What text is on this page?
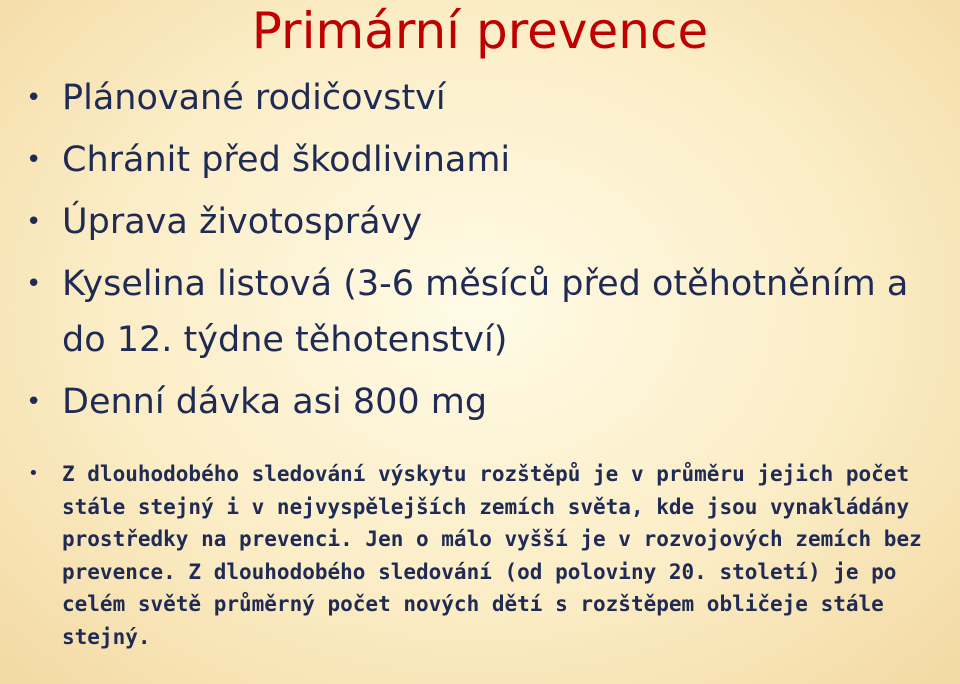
Primární prevence
• Plánované rodičovství
• Chránit před škodlivinami
• Úprava životosprávy
• Kyselina listová (3-6 měsíců před otěhotněním a do 12. týdne těhotenství)
• Denní dávka asi 800 mg
• Z dlouhodobého sledování výskytu rozštěpů je v průměru jejich počet stále stejný i v nejvyspělejších zemích světa, kde jsou vynakládány prostředky na prevenci. Jen o málo vyšší je v rozvojových zemích bez prevence. Z dlouhodobého sledování (od poloviny 20. století) je po celém světě průměrný počet nových dětí s rozštěpem obličeje stále stejný.
